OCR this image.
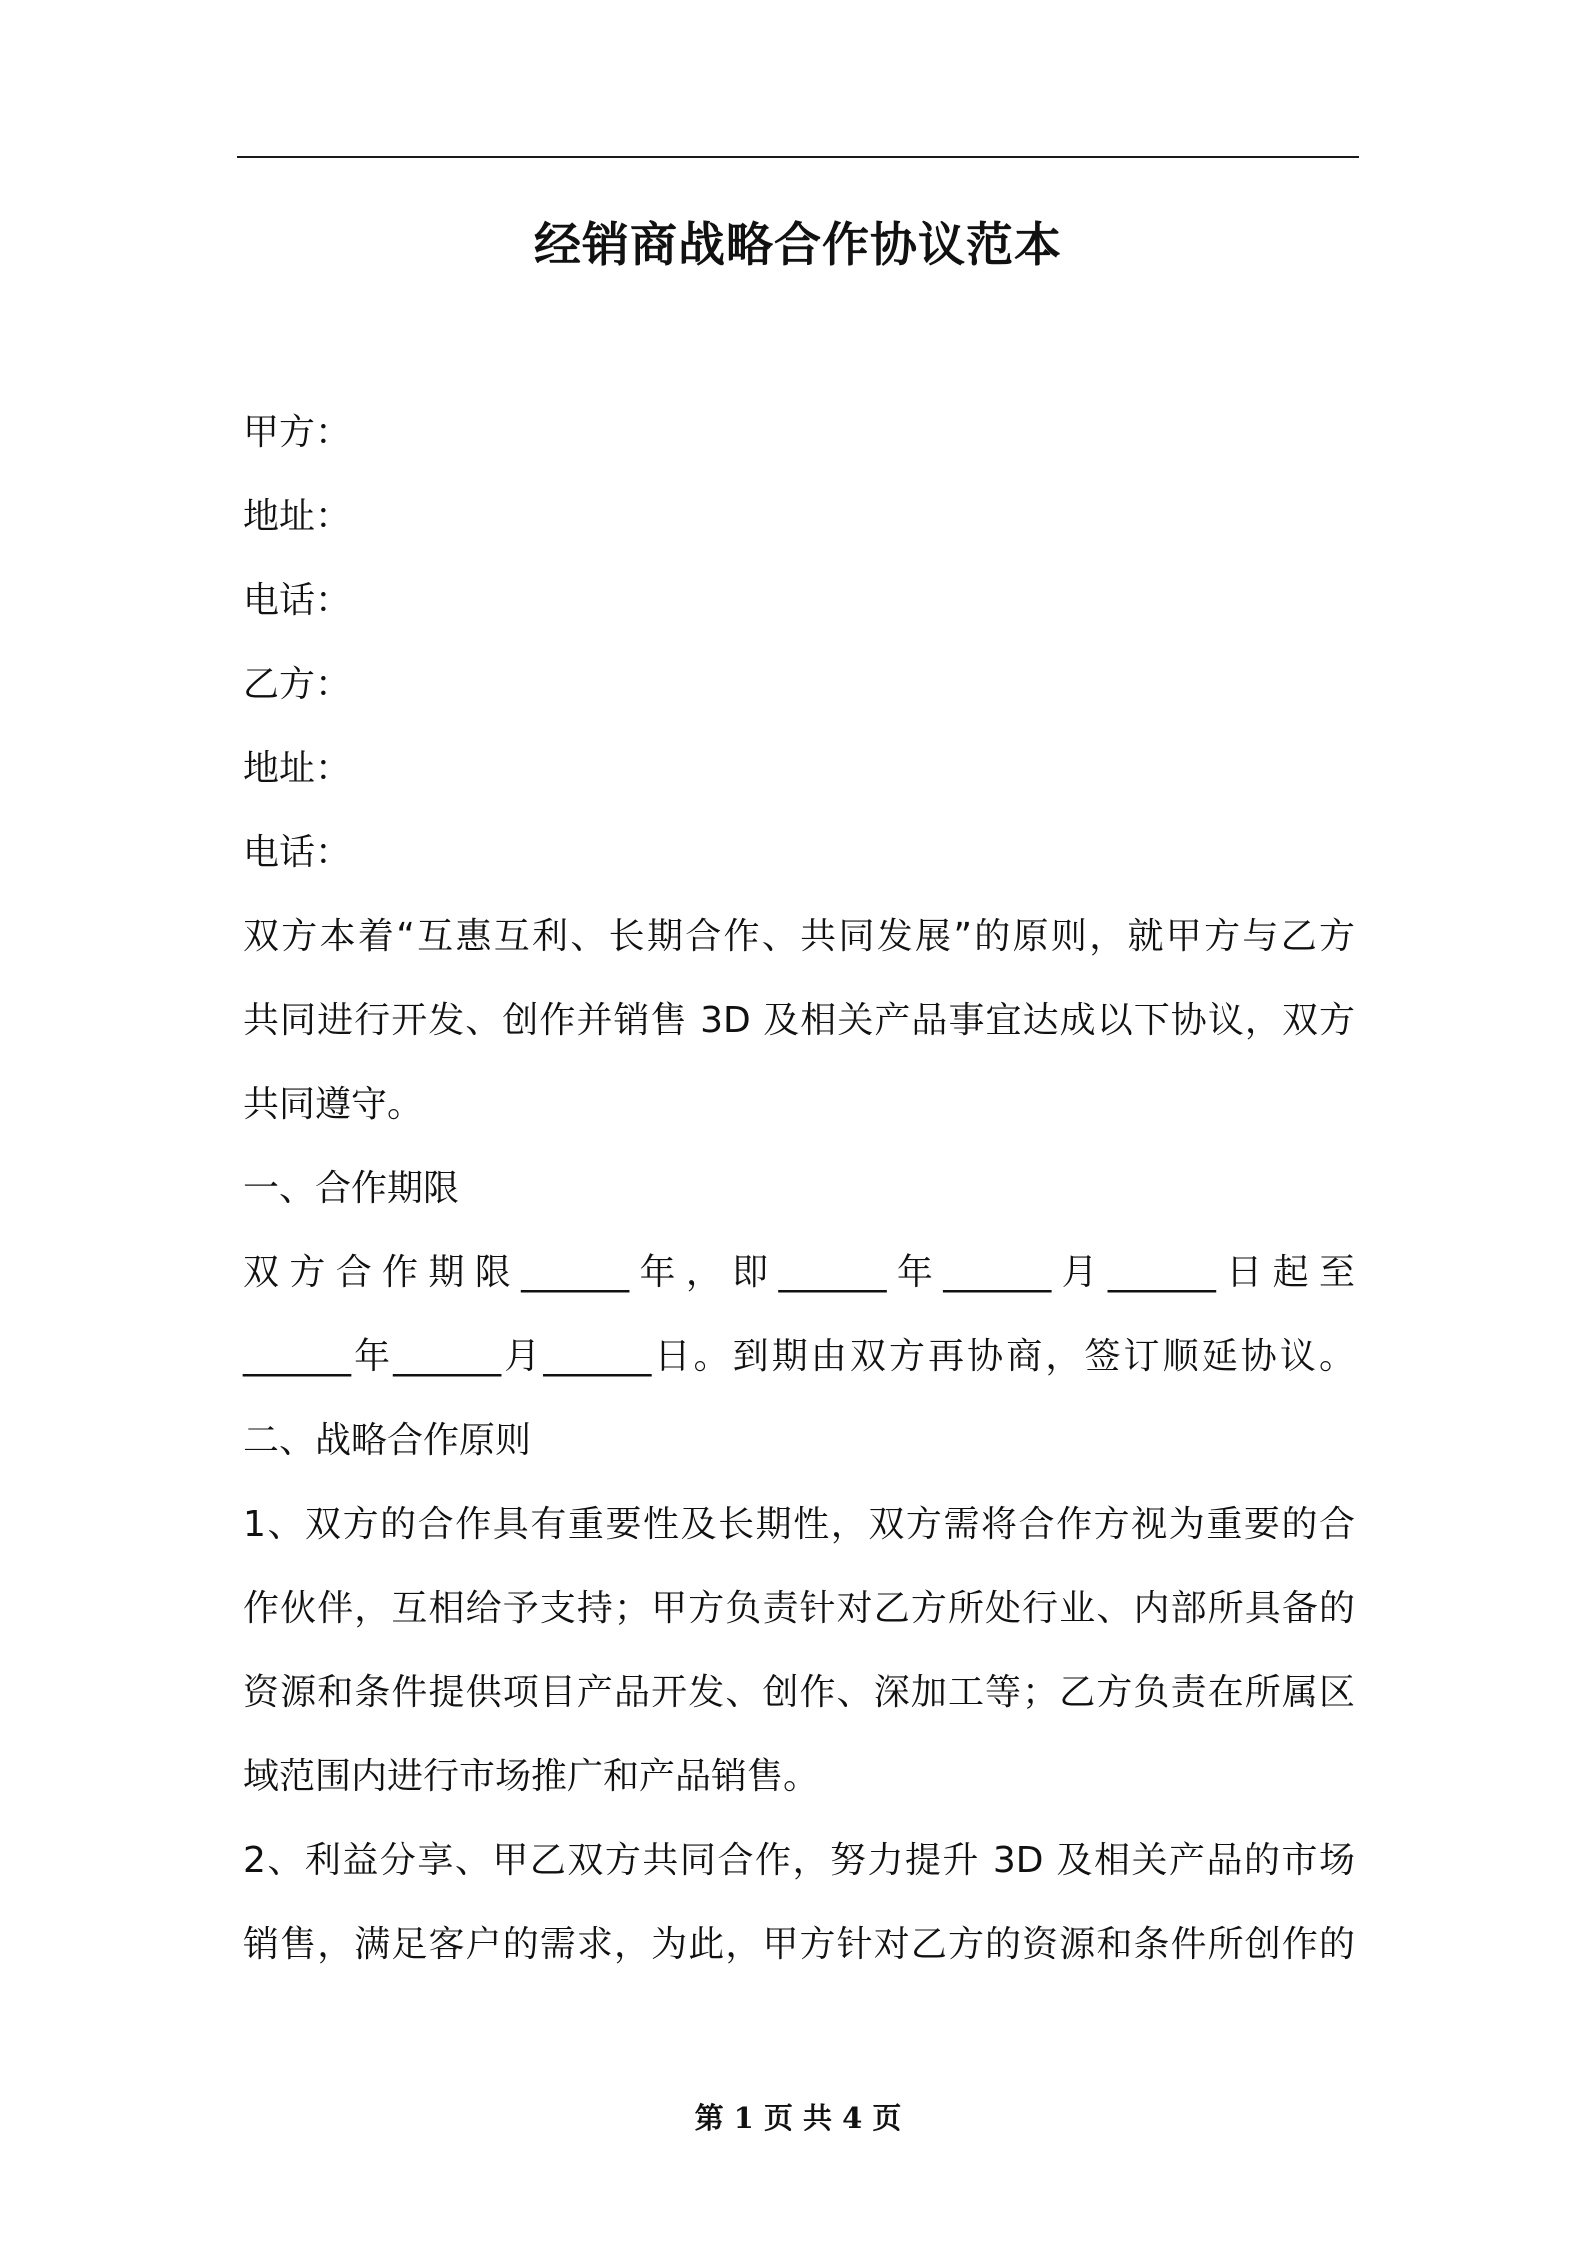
经销商战略合作协议范本
甲方：
地址：
电话：
乙方：
地址：
电话：
双方本着“互惠互利、长期合作、共同发展”的原则，就甲方与乙方
共同进行开发、创作并销售 3D 及相关产品事宜达成以下协议，双方
共同遵守。
一、合作期限
双方合作期限______年，即______年______月______日起至
______年______月______日。到期由双方再协商，签订顺延协议。
二、战略合作原则
1、双方的合作具有重要性及长期性，双方需将合作方视为重要的合
作伙伴，互相给予支持；甲方负责针对乙方所处行业、内部所具备的
资源和条件提供项目产品开发、创作、深加工等；乙方负责在所属区
域范围内进行市场推广和产品销售。
2、利益分享、甲乙双方共同合作，努力提升 3D 及相关产品的市场
销售，满足客户的需求，为此，甲方针对乙方的资源和条件所创作的
第 1 页 共 4 页
